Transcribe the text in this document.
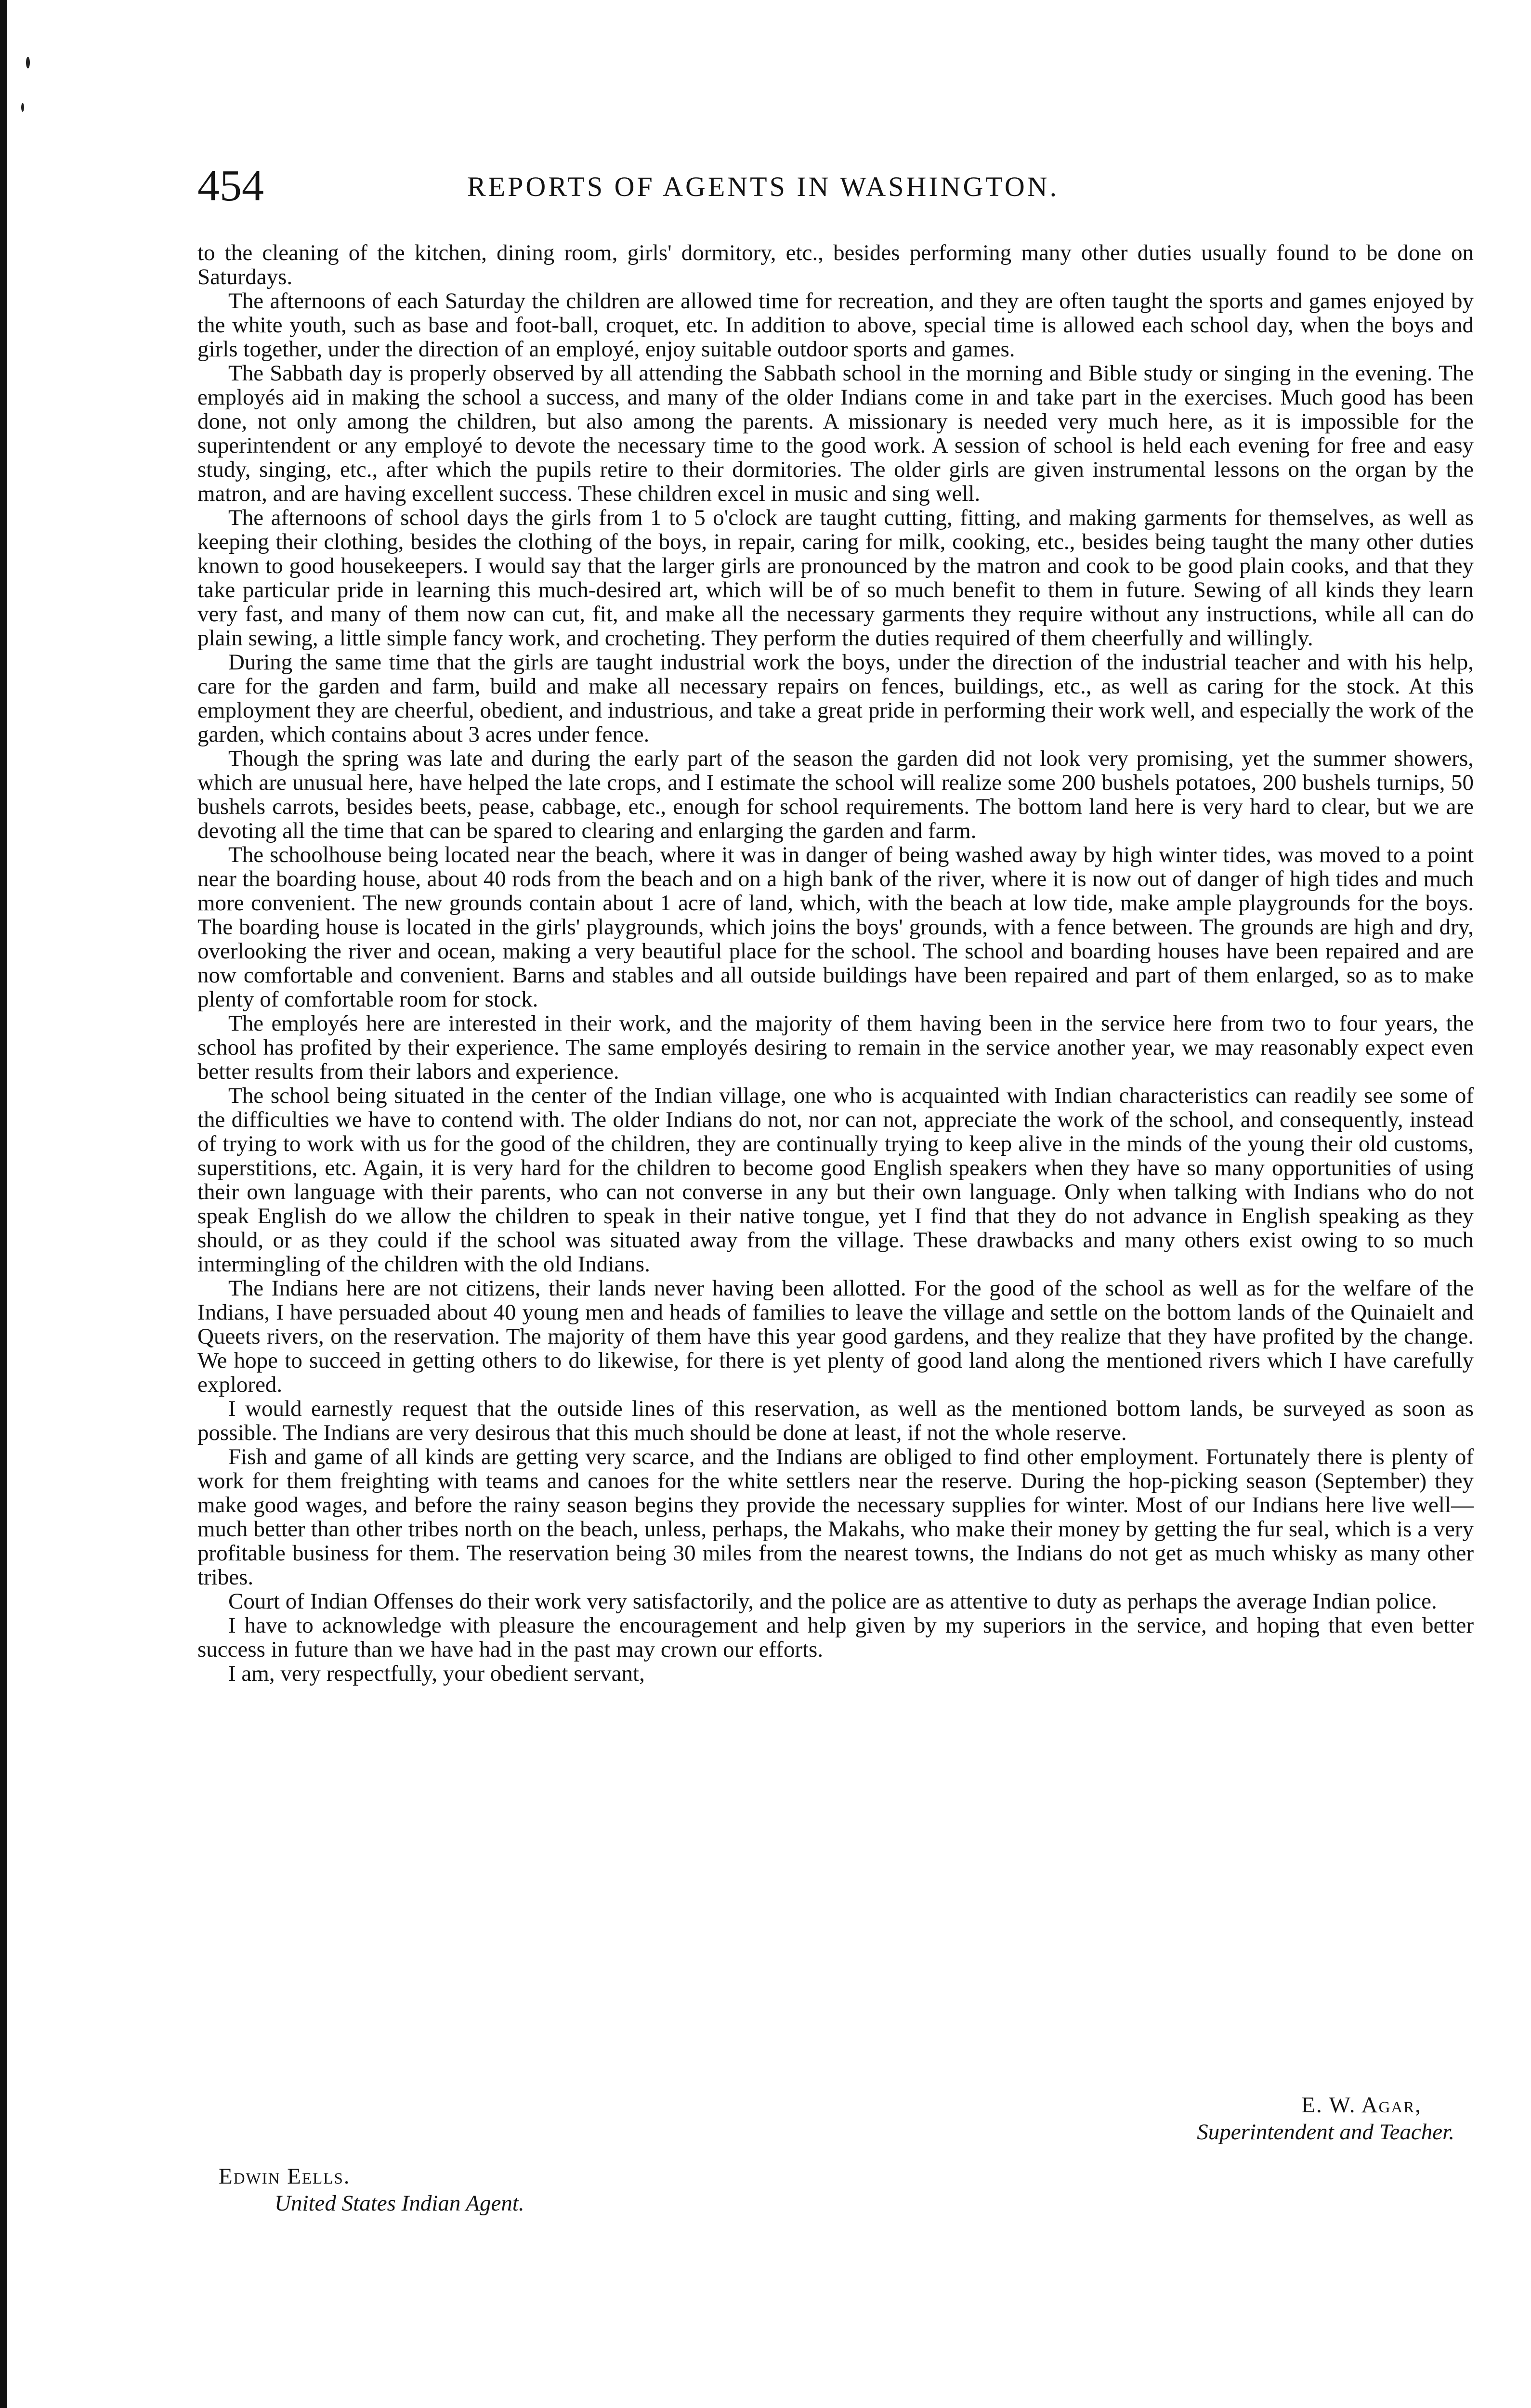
454	REPORTS OF AGENTS IN WASHINGTON.

to the cleaning of the kitchen, dining room, girls' dormitory, etc., besides performing many other duties usually found to be done on Saturdays.

The afternoons of each Saturday the children are allowed time for recreation, and they are often taught the sports and games enjoyed by the white youth, such as base and foot-ball, croquet, etc. In addition to above, special time is allowed each school day, when the boys and girls together, under the direction of an employé, enjoy suitable outdoor sports and games.

The Sabbath day is properly observed by all attending the Sabbath school in the morning and Bible study or singing in the evening. The employés aid in making the school a success, and many of the older Indians come in and take part in the exercises. Much good has been done, not only among the children, but also among the parents. A missionary is needed very much here, as it is impossible for the superintendent or any employé to devote the necessary time to the good work. A session of school is held each evening for free and easy study, singing, etc., after which the pupils retire to their dormitories. The older girls are given instrumental lessons on the organ by the matron, and are having excellent success. These children excel in music and sing well.

The afternoons of school days the girls from 1 to 5 o'clock are taught cutting, fitting, and making garments for themselves, as well as keeping their clothing, besides the clothing of the boys, in repair, caring for milk, cooking, etc., besides being taught the many other duties known to good housekeepers. I would say that the larger girls are pronounced by the matron and cook to be good plain cooks, and that they take particular pride in learning this much-desired art, which will be of so much benefit to them in future. Sewing of all kinds they learn very fast, and many of them now can cut, fit, and make all the necessary garments they require without any instructions, while all can do plain sewing, a little simple fancy work, and crocheting. They perform the duties required of them cheerfully and willingly.

During the same time that the girls are taught industrial work the boys, under the direction of the industrial teacher and with his help, care for the garden and farm, build and make all necessary repairs on fences, buildings, etc., as well as caring for the stock. At this employment they are cheerful, obedient, and industrious, and take a great pride in performing their work well, and especially the work of the garden, which contains about 3 acres under fence.

Though the spring was late and during the early part of the season the garden did not look very promising, yet the summer showers, which are unusual here, have helped the late crops, and I estimate the school will realize some 200 bushels potatoes, 200 bushels turnips, 50 bushels carrots, besides beets, pease, cabbage, etc., enough for school requirements. The bottom land here is very hard to clear, but we are devoting all the time that can be spared to clearing and enlarging the garden and farm.

The schoolhouse being located near the beach, where it was in danger of being washed away by high winter tides, was moved to a point near the boarding house, about 40 rods from the beach and on a high bank of the river, where it is now out of danger of high tides and much more convenient. The new grounds contain about 1 acre of land, which, with the beach at low tide, make ample playgrounds for the boys. The boarding house is located in the girls' playgrounds, which joins the boys' grounds, with a fence between. The grounds are high and dry, overlooking the river and ocean, making a very beautiful place for the school. The school and boarding houses have been repaired and are now comfortable and convenient. Barns and stables and all outside buildings have been repaired and part of them enlarged, so as to make plenty of comfortable room for stock.

The employés here are interested in their work, and the majority of them having been in the service here from two to four years, the school has profited by their experience. The same employés desiring to remain in the service another year, we may reasonably expect even better results from their labors and experience.

The school being situated in the center of the Indian village, one who is acquainted with Indian characteristics can readily see some of the difficulties we have to contend with. The older Indians do not, nor can not, appreciate the work of the school, and consequently, instead of trying to work with us for the good of the children, they are continually trying to keep alive in the minds of the young their old customs, superstitions, etc. Again, it is very hard for the children to become good English speakers when they have so many opportunities of using their own language with their parents, who can not converse in any but their own language. Only when talking with Indians who do not speak English do we allow the children to speak in their native tongue, yet I find that they do not advance in English speaking as they should, or as they could if the school was situated away from the village. These drawbacks and many others exist owing to so much intermingling of the children with the old Indians.

The Indians here are not citizens, their lands never having been allotted. For the good of the school as well as for the welfare of the Indians, I have persuaded about 40 young men and heads of families to leave the village and settle on the bottom lands of the Quinaielt and Queets rivers, on the reservation. The majority of them have this year good gardens, and they realize that they have profited by the change. We hope to succeed in getting others to do likewise, for there is yet plenty of good land along the mentioned rivers which I have carefully explored.

I would earnestly request that the outside lines of this reservation, as well as the mentioned bottom lands, be surveyed as soon as possible. The Indians are very desirous that this much should be done at least, if not the whole reserve.

Fish and game of all kinds are getting very scarce, and the Indians are obliged to find other employment. Fortunately there is plenty of work for them freighting with teams and canoes for the white settlers near the reserve. During the hop-picking season (September) they make good wages, and before the rainy season begins they provide the necessary supplies for winter. Most of our Indians here live well—much better than other tribes north on the beach, unless, perhaps, the Makahs, who make their money by getting the fur seal, which is a very profitable business for them. The reservation being 30 miles from the nearest towns, the Indians do not get as much whisky as many other tribes.

Court of Indian Offenses do their work very satisfactorily, and the police are as attentive to duty as perhaps the average Indian police.

I have to acknowledge with pleasure the encouragement and help given by my superiors in the service, and hoping that even better success in future than we have had in the past may crown our efforts.

I am, very respectfully, your obedient servant,

E. W. Agar,
Superintendent and Teacher.
Edwin Eells.
United States Indian Agent.
